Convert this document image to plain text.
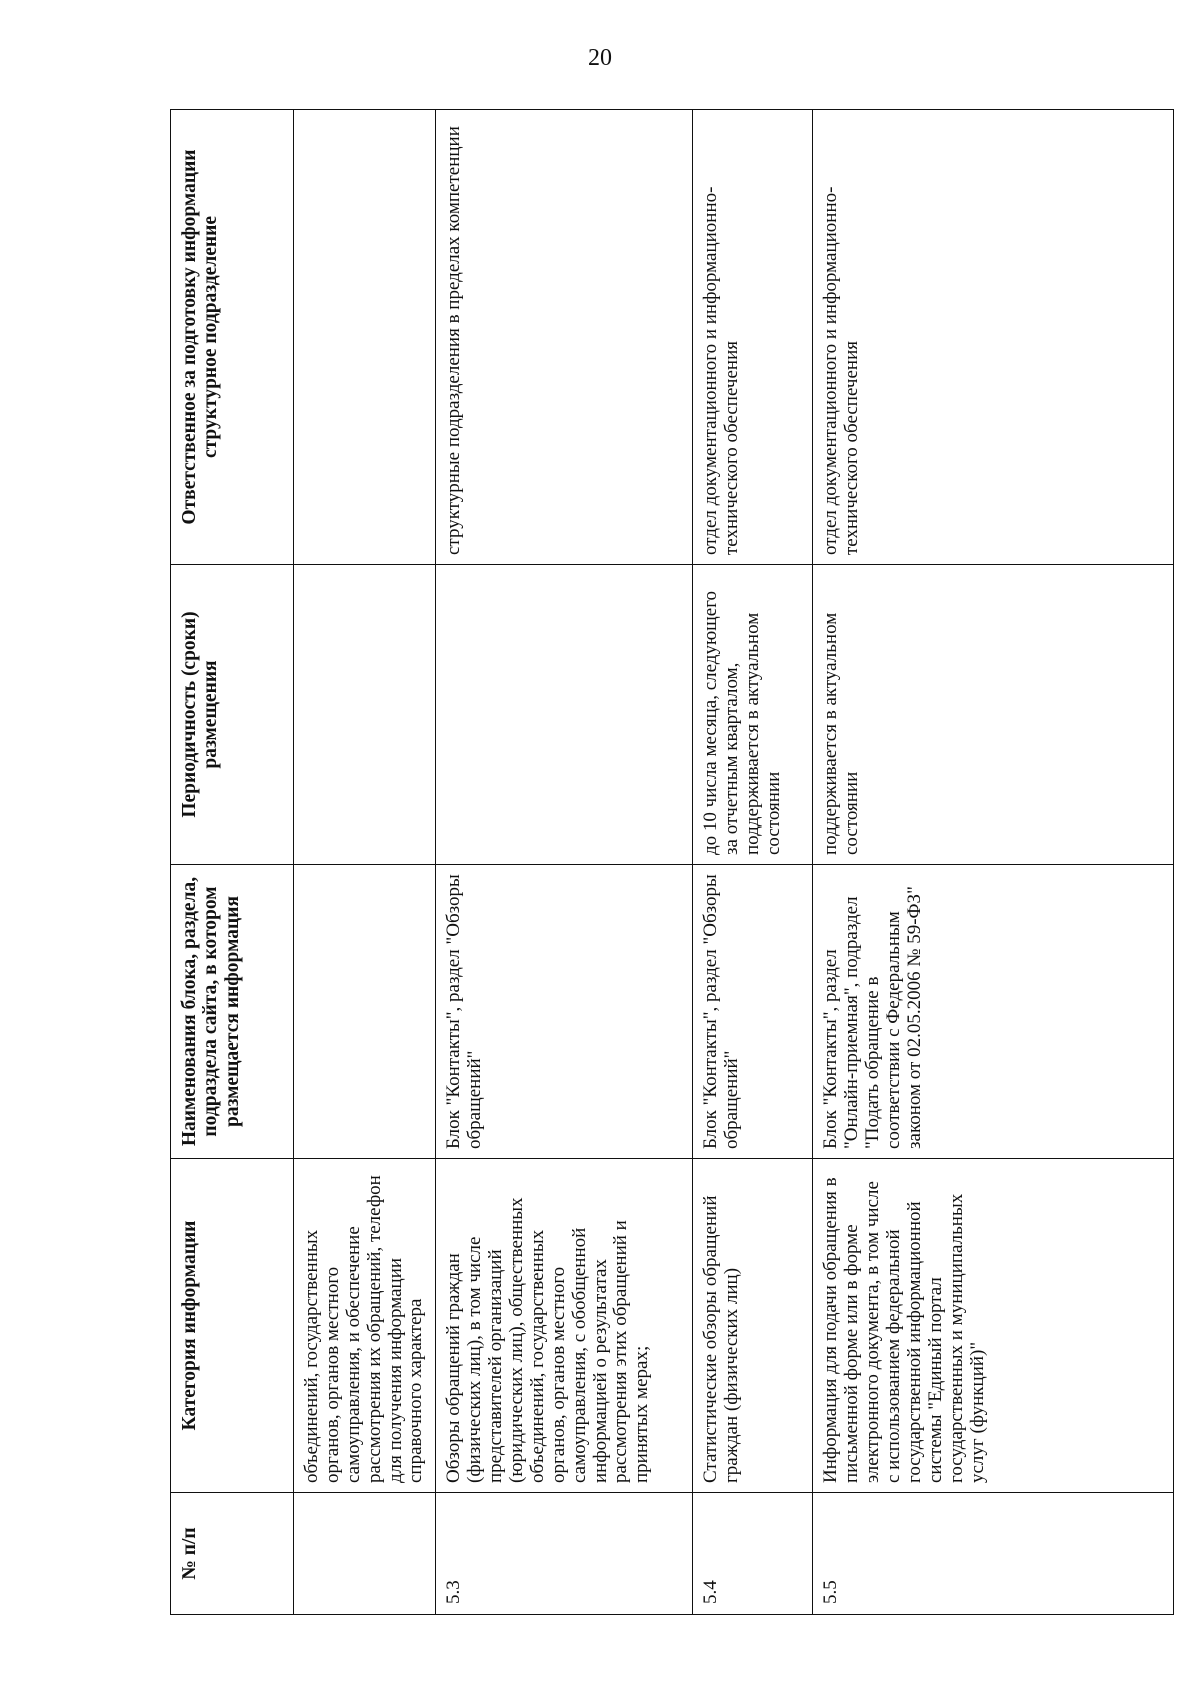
20
№ п/п	Категория информации	Наименования блока, раздела, подраздела сайта, в котором размещается информация	Периодичность (сроки) размещения	Ответственное за подготовку информации структурное подразделение
	объединений, государственных органов, органов местного самоуправления, и обеспечение рассмотрения их обращений, телефон для получения информации справочного характера			
5.3	Обзоры обращений граждан (физических лиц), в том числе представителей организаций (юридических лиц), общественных объединений, государственных органов, органов местного самоуправления, с обобщенной информацией о результатах рассмотрения этих обращений и принятых мерах;	Блок "Контакты", раздел "Обзоры обращений"		структурные подразделения в пределах компетенции
5.4	Статистические обзоры обращений граждан (физических лиц)	Блок "Контакты", раздел "Обзоры обращений"	до 10 числа месяца, следующего за отчетным кварталом, поддерживается в актуальном состоянии	отдел документационного и информационно-технического обеспечения
5.5	Информация для подачи обращения в письменной форме или в форме электронного документа, в том числе с использованием федеральной государственной информационной системы "Единый портал государственных и муниципальных услуг (функций)"	Блок "Контакты", раздел "Онлайн-приемная", подраздел "Подать обращение в соответствии с Федеральным законом от 02.05.2006 № 59-ФЗ"	поддерживается в актуальном состоянии	отдел документационного и информационно-технического обеспечения
